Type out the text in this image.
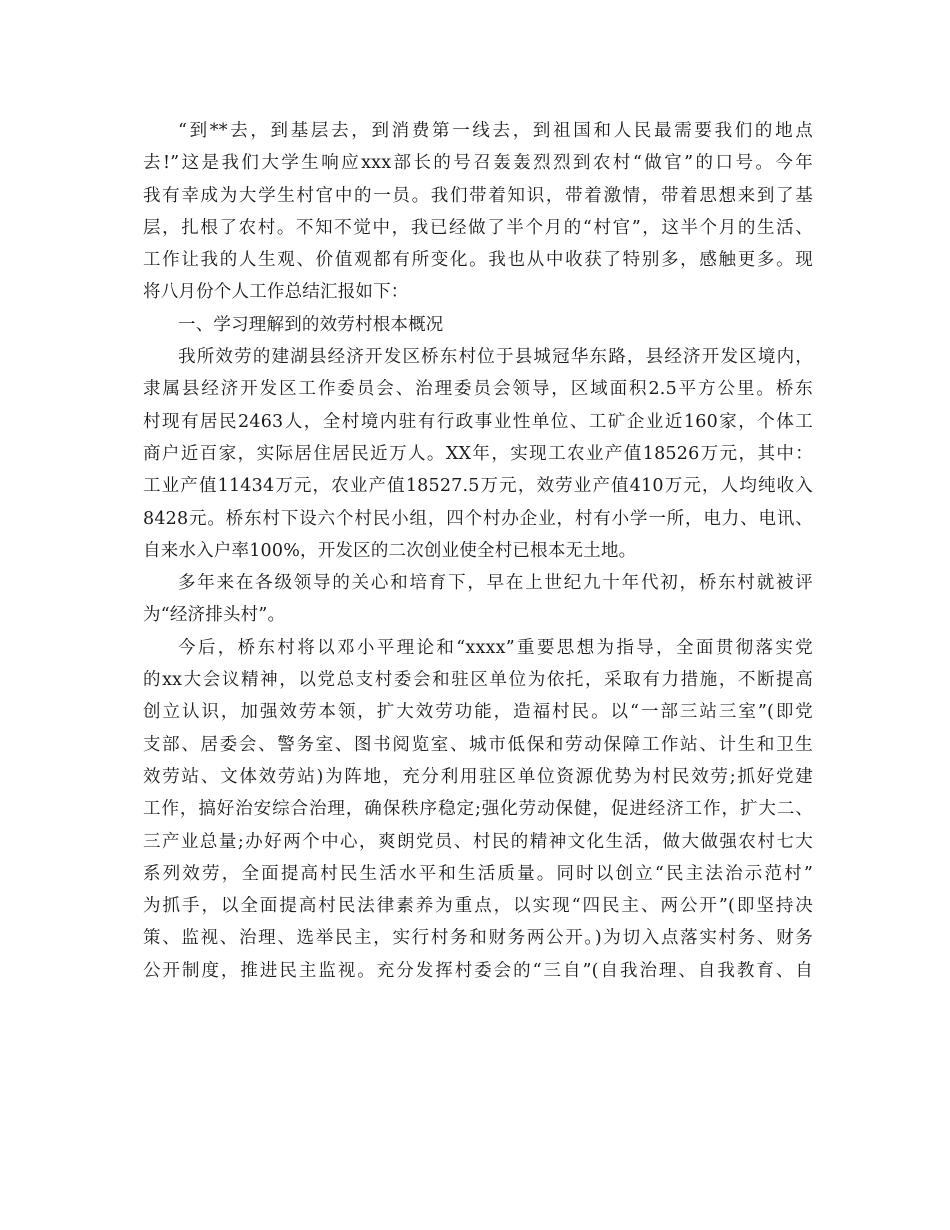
“到**去，到基层去，到消费第一线去，到祖国和人民最需要我们的地点
去!”这是我们大学生响应xxx部长的号召轰轰烈烈到农村“做官”的口号。今年
我有幸成为大学生村官中的一员。我们带着知识，带着激情，带着思想来到了基
层，扎根了农村。不知不觉中，我已经做了半个月的“村官”，这半个月的生活、
工作让我的人生观、价值观都有所变化。我也从中收获了特别多，感触更多。现
将八月份个人工作总结汇报如下：
一、学习理解到的效劳村根本概况
我所效劳的建湖县经济开发区桥东村位于县城冠华东路，县经济开发区境内，
隶属县经济开发区工作委员会、治理委员会领导，区域面积2.5平方公里。桥东
村现有居民2463人，全村境内驻有行政事业性单位、工矿企业近160家，个体工
商户近百家，实际居住居民近万人。XX年，实现工农业产值18526万元，其中：
工业产值11434万元，农业产值18527.5万元，效劳业产值410万元，人均纯收入
8428元。桥东村下设六个村民小组，四个村办企业，村有小学一所，电力、电讯、
自来水入户率100%，开发区的二次创业使全村已根本无土地。
多年来在各级领导的关心和培育下，早在上世纪九十年代初，桥东村就被评
为“经济排头村”。
今后，桥东村将以邓小平理论和“xxxx”重要思想为指导，全面贯彻落实党
的xx大会议精神，以党总支村委会和驻区单位为依托，采取有力措施，不断提高
创立认识，加强效劳本领，扩大效劳功能，造福村民。以“一部三站三室”(即党
支部、居委会、警务室、图书阅览室、城市低保和劳动保障工作站、计生和卫生
效劳站、文体效劳站)为阵地，充分利用驻区单位资源优势为村民效劳;抓好党建
工作，搞好治安综合治理，确保秩序稳定;强化劳动保健，促进经济工作，扩大二、
三产业总量;办好两个中心，爽朗党员、村民的精神文化生活，做大做强农村七大
系列效劳，全面提高村民生活水平和生活质量。同时以创立“民主法治示范村”
为抓手，以全面提高村民法律素养为重点，以实现“四民主、两公开”(即坚持决
策、监视、治理、选举民主，实行村务和财务两公开。)为切入点落实村务、财务
公开制度，推进民主监视。充分发挥村委会的“三自”(自我治理、自我教育、自
